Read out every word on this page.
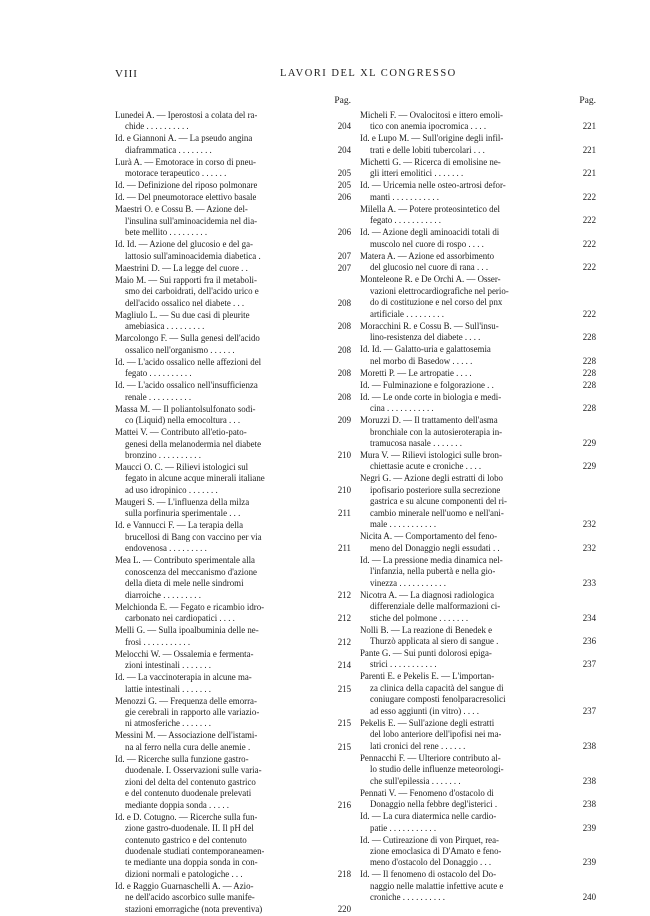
VIII	LAVORI DEL XL CONGRESSO
Pag.
Lunedei A. — Iperostosi a colata del ra-
chide . . . . . . . . . .	204
Id. e Giannoni A. — La pseudo angina
diaframmatica . . . . . . . .	204
Lurà A. — Emotorace in corso di pneu-
motorace terapeutico . . . . . .	205
Id. — Definizione del riposo polmonare	205
Id. — Del pneumotorace elettivo basale	206
Maestri O. e Cossu B. — Azione del-
l'insulina sull'aminoacidemia nel dia-
bete mellito . . . . . . . . .	206
Id. Id. — Azione del glucosio e del ga-
lattosio sull'aminoacidemia diabetica .	207
Maestrini D. — La legge del cuore . .	207
Maio M. — Sui rapporti fra il metaboli-
smo dei carboidrati, dell'acido urico e
dell'acido ossalico nel diabete . . .	208
Magliulo L. — Su due casi di pleurite
amebiasica . . . . . . . . .	208
Marcolongo F. — Sulla genesi dell'acido
ossalico nell'organismo . . . . . .	208
Id. — L'acido ossalico nelle affezioni del
fegato . . . . . . . . . .	208
Id. — L'acido ossalico nell'insufficienza
renale . . . . . . . . . .	208
Massa M. — Il poliantolsulfonato sodi-
co (Liquid) nella emocoltura . . .	209
Mattei V. — Contributo all'etio-pato-
genesi della melanodermia nel diabete
bronzino . . . . . . . . . .	210
Maucci O. C. — Rilievi istologici sul
fegato in alcune acque minerali italiane
ad uso idropinico . . . . . . .	210
Maugeri S. — L'influenza della milza
sulla porfinuria sperimentale . . .	211
Id. e Vannucci F. — La terapia della
brucellosi di Bang con vaccino per via
endovenosa . . . . . . . . .	211
Mea L. — Contributo sperimentale alla
conoscenza del meccanismo d'azione
della dieta di mele nelle sindromi
diarroiche . . . . . . . . .	212
Melchionda E. — Fegato e ricambio idro-
carbonato nei cardiopatici . . . .	212
Melli G. — Sulla ipoalbuminia delle ne-
frosi . . . . . . . . . . .	212
Melocchi W. — Ossalemia e fermenta-
zioni intestinali . . . . . . .	214
Id. — La vaccinoterapia in alcune ma-
lattie intestinali . . . . . . .	215
Menozzi G. — Frequenza delle emorra-
gie cerebrali in rapporto alle variazio-
ni atmosferiche . . . . . . .	215
Messini M. — Associazione dell'istami-
na al ferro nella cura delle anemie .	215
Id. — Ricerche sulla funzione gastro-
duodenale. I. Osservazioni sulle varia-
zioni del delta del contenuto gastrico
e del contenuto duodenale prelevati
mediante doppia sonda . . . . .	216
Id. e D. Cotugno. — Ricerche sulla fun-
zione gastro-duodenale. II. Il pH del
contenuto gastrico e del contenuto
duodenale studiati contemporaneamen-
te mediante una doppia sonda in con-
dizioni normali e patologiche . . .	218
Id. e Raggio Guarnaschelli A. — Azio-
ne dell'acido ascorbico sulle manife-
stazioni emorragiche (nota preventiva)	220
Pag.
Micheli F. — Ovalocitosi e ittero emoli-
tico con anemia ipocromica . . . .	221
Id. e Lupo M. — Sull'origine degli infil-
trati e delle lobiti tubercolari . . .	221
Michetti G. — Ricerca di emolisine ne-
gli itteri emolitici . . . . . . .	221
Id. — Uricemia nelle osteo-artrosi defor-
manti . . . . . . . . . . .	222
Milella A. — Potere proteosintetico del
fegato . . . . . . . . . . .	222
Id. — Azione degli aminoacidi totali di
muscolo nel cuore di rospo . . . .	222
Matera A. — Azione ed assorbimento
del glucosio nel cuore di rana . . .	222
Monteleone R. e De Orchi A. — Osser-
vazioni elettrocardiografiche nel perio-
do di costituzione e nel corso del pnx
artificiale . . . . . . . . .	222
Moracchini R. e Cossu B. — Sull'insu-
lino-resistenza del diabete . . . .	228
Id. Id. — Galatto-uria e galattosemia
nel morbo di Basedow . . . . .	228
Moretti P. — Le artropatie . . . .	228
Id. — Fulminazione e folgorazione . .	228
Id. — Le onde corte in biologia e medi-
cina . . . . . . . . . . .	228
Moruzzi D. — Il trattamento dell'asma
bronchiale con la autosieroterapia in-
tramucosa nasale . . . . . . .	229
Mura V. — Rilievi istologici sulle bron-
chiettasie acute e croniche . . . .	229
Negri G. — Azione degli estratti di lobo
ipofisario posteriore sulla secrezione
gastrica e su alcune componenti del ri-
cambio minerale nell'uomo e nell'ani-
male . . . . . . . . . . .	232
Nicita A. — Comportamento del feno-
meno del Donaggio negli essudati . .	232
Id. — La pressione media dinamica nel-
l'infanzia, nella pubertà e nella gio-
vinezza . . . . . . . . . . .	233
Nicotra A. — La diagnosi radiologica
differenziale delle malformazioni ci-
stiche del polmone . . . . . . .	234
Nolli B. — La reazione di Benedek e
Thurzò applicata al siero di sangue .	236
Pante G. — Sui punti dolorosi epiga-
strici . . . . . . . . . . .	237
Parenti E. e Pekelis E. — L'importan-
za clinica della capacità del sangue di
coniugare composti fenolparacresolici
ad esso aggiunti (in vitro) . . . .	237
Pekelis E. — Sull'azione degli estratti
del lobo anteriore dell'ipofisi nei ma-
lati cronici del rene . . . . . .	238
Pennacchi F. — Ulteriore contributo al-
lo studio delle influenze meteorologi-
che sull'epilessia . . . . . . .	238
Pennati V. — Fenomeno d'ostacolo di
Donaggio nella febbre degl'isterici .	238
Id. — La cura diatermica nelle cardio-
patie . . . . . . . . . . .	239
Id. — Cutireazione di von Pirquet, rea-
zione emoclasica di D'Amato e feno-
meno d'ostacolo del Donaggio . . .	239
Id. — Il fenomeno di ostacolo del Do-
naggio nelle malattie infettive acute e
croniche . . . . . . . . . .	240
